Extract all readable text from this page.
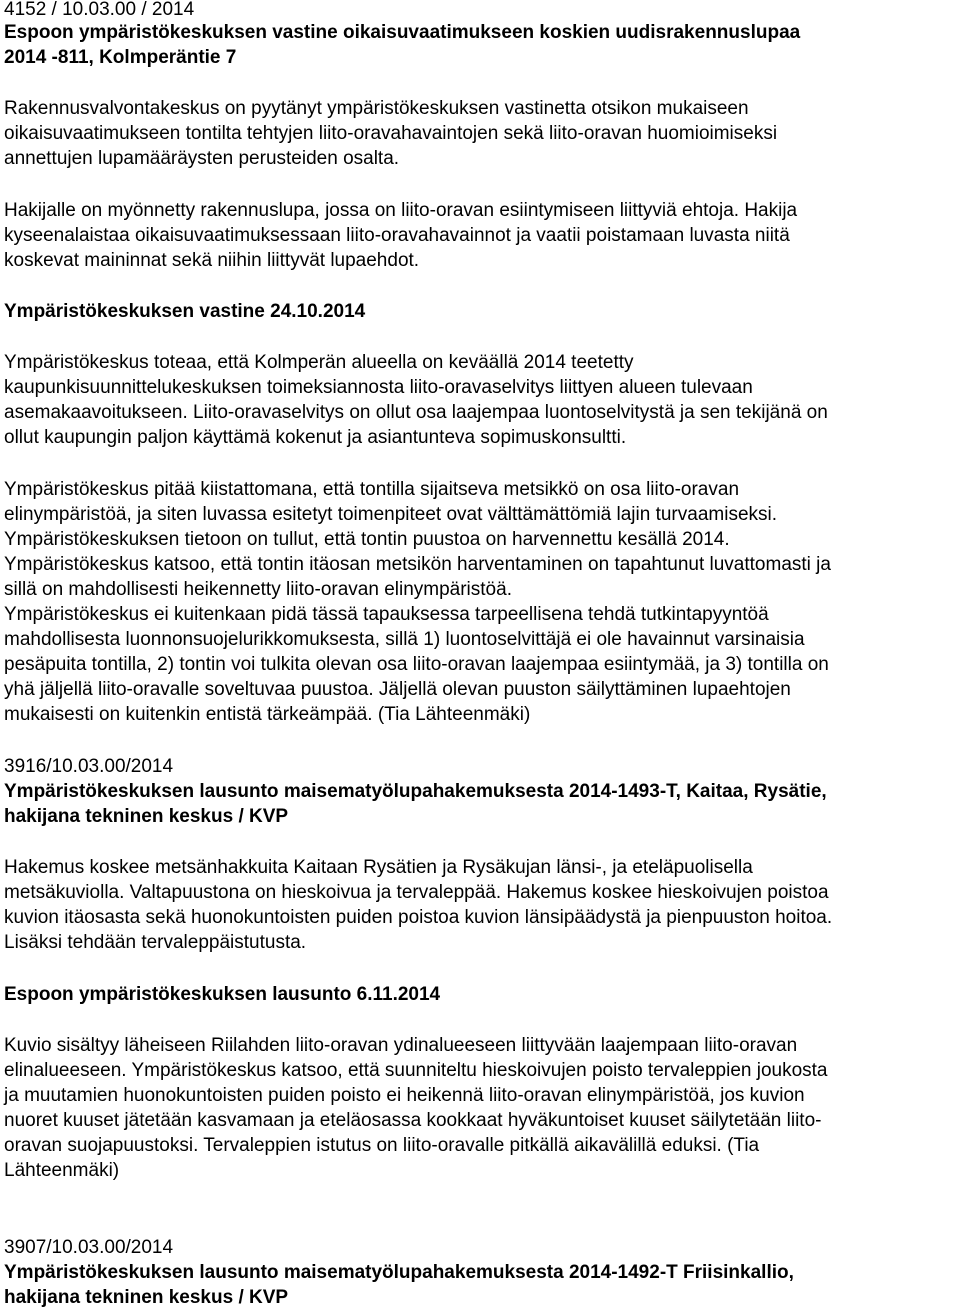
4152 / 10.03.00 / 2014

Espoon ympäristökeskuksen vastine oikaisuvaatimukseen koskien uudisrakennuslupaa

2014 -811, Kolmperäntie 7

Rakennusvalvontakeskus on pyytänyt ympäristökeskuksen vastinetta otsikon mukaiseen

oikaisuvaatimukseen tontilta tehtyjen liito-oravahavaintojen sekä liito-oravan huomioimiseksi

annettujen lupamääräysten perusteiden osalta.

Hakijalle on myönnetty rakennuslupa, jossa on liito-oravan esiintymiseen liittyviä ehtoja. Hakija

kyseenalaistaa oikaisuvaatimuksessaan liito-oravahavainnot ja vaatii poistamaan luvasta niitä

koskevat maininnat sekä niihin liittyvät lupaehdot.

Ympäristökeskuksen vastine 24.10.2014

Ympäristökeskus toteaa, että Kolmperän alueella on keväällä 2014 teetetty

kaupunkisuunnittelukeskuksen toimeksiannosta liito-oravaselvitys liittyen alueen tulevaan

asemakaavoitukseen. Liito-oravaselvitys on ollut osa laajempaa luontoselvitystä ja sen tekijänä on

ollut kaupungin paljon käyttämä kokenut ja asiantunteva sopimuskonsultti.

Ympäristökeskus pitää kiistattomana, että tontilla sijaitseva metsikkö on osa liito-oravan

elinympäristöä, ja siten luvassa esitetyt toimenpiteet ovat välttämättömiä lajin turvaamiseksi.

Ympäristökeskuksen tietoon on tullut, että tontin puustoa on harvennettu kesällä 2014.

Ympäristökeskus katsoo, että tontin itäosan metsikön harventaminen on tapahtunut luvattomasti ja

sillä on mahdollisesti heikennetty liito-oravan elinympäristöä.

Ympäristökeskus ei kuitenkaan pidä tässä tapauksessa tarpeellisena tehdä tutkintapyyntöä

mahdollisesta luonnonsuojelurikkomuksesta, sillä 1) luontoselvittäjä ei ole havainnut varsinaisia

pesäpuita tontilla, 2) tontin voi tulkita olevan osa liito-oravan laajempaa esiintymää, ja 3) tontilla on

yhä jäljellä liito-oravalle soveltuvaa puustoa. Jäljellä olevan puuston säilyttäminen lupaehtojen

mukaisesti on kuitenkin entistä tärkeämpää. (Tia Lähteenmäki)

3916/10.03.00/2014

Ympäristökeskuksen lausunto maisematyölupahakemuksesta 2014-1493-T, Kaitaa, Rysätie,

hakijana tekninen keskus / KVP

Hakemus koskee metsänhakkuita Kaitaan Rysätien ja Rysäkujan länsi-, ja eteläpuolisella

metsäkuviolla. Valtapuustona on hieskoivua ja tervaleppää. Hakemus koskee hieskoivujen poistoa

kuvion itäosasta sekä huonokuntoisten puiden poistoa kuvion länsipäädystä ja pienpuuston hoitoa.

Lisäksi tehdään tervaleppäistutusta.

Espoon ympäristökeskuksen lausunto 6.11.2014

Kuvio sisältyy läheiseen Riilahden liito-oravan ydinalueeseen liittyvään laajempaan liito-oravan

elinalueeseen. Ympäristökeskus katsoo, että suunniteltu hieskoivujen poisto tervaleppien joukosta

ja muutamien huonokuntoisten puiden poisto ei heikennä liito-oravan elinympäristöä, jos kuvion

nuoret kuuset jätetään kasvamaan ja eteläosassa kookkaat hyväkuntoiset kuuset säilytetään liito-

oravan suojapuustoksi. Tervaleppien istutus on liito-oravalle pitkällä aikavälillä eduksi. (Tia

Lähteenmäki)

3907/10.03.00/2014

Ympäristökeskuksen lausunto maisematyölupahakemuksesta 2014-1492-T Friisinkallio,

hakijana tekninen keskus / KVP
